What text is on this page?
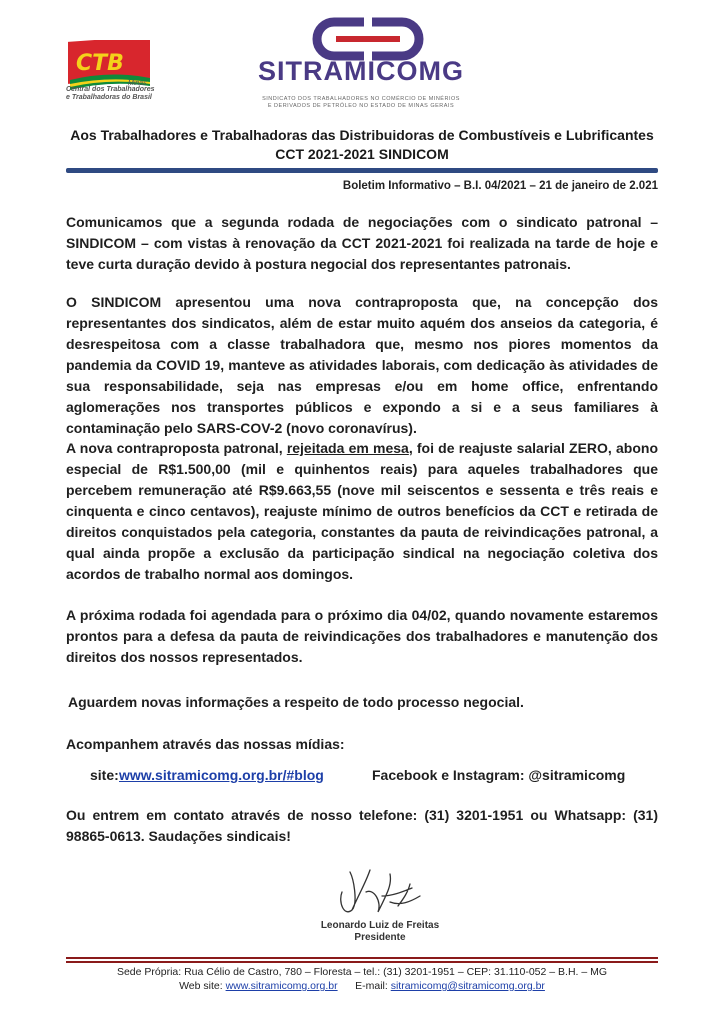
CTB
Minas
Central dos Trabalhadores
e Trabalhadoras do Brasil
SITRAMICOMG
SINDICATO DOS TRABALHADORES NO COMÉRCIO DE MINÉRIOS
E DERIVADOS DE PETRÓLEO NO ESTADO DE MINAS GERAIS
Aos Trabalhadores e Trabalhadoras das Distribuidoras de Combustíveis e Lubrificantes
CCT 2021-2021 SINDICOM
Boletim Informativo – B.I. 04/2021 – 21 de janeiro de 2.021
Comunicamos que a segunda rodada de negociações com o sindicato patronal – SINDICOM – com vistas à renovação da CCT 2021-2021 foi realizada na tarde de hoje e teve curta duração devido à postura negocial dos representantes patronais.
O SINDICOM apresentou uma nova contraproposta que, na concepção dos representantes dos sindicatos, além de estar muito aquém dos anseios da categoria, é desrespeitosa com a classe trabalhadora que, mesmo nos piores momentos da pandemia da COVID 19, manteve as atividades laborais, com dedicação às atividades de sua responsabilidade, seja nas empresas e/ou em home office, enfrentando aglomerações nos transportes públicos e expondo a si e a seus familiares à contaminação pelo SARS-COV-2 (novo coronavírus).
A nova contraproposta patronal, rejeitada em mesa, foi de reajuste salarial ZERO, abono especial de R$1.500,00 (mil e quinhentos reais) para aqueles trabalhadores que percebem remuneração até R$9.663,55 (nove mil seiscentos e sessenta e três reais e cinquenta e cinco centavos), reajuste mínimo de outros benefícios da CCT e retirada de direitos conquistados pela categoria, constantes da pauta de reivindicações patronal, a qual ainda propõe a exclusão da participação sindical na negociação coletiva dos acordos de trabalho normal aos domingos.
A próxima rodada foi agendada para o próximo dia 04/02, quando novamente estaremos prontos para a defesa da pauta de reivindicações dos trabalhadores e manutenção dos direitos dos nossos representados.
Aguardem novas informações a respeito de todo processo negocial.
Acompanhem através das nossas mídias:
site: www.sitramicomg.org.br/#blog	Facebook e Instagram: @sitramicomg
Ou entrem em contato através de nosso telefone: (31) 3201-1951 ou Whatsapp: (31) 98865-0613. Saudações sindicais!
Leonardo Luiz de Freitas
Presidente
Sede Própria: Rua Célio de Castro, 780 – Floresta – tel.: (31) 3201-1951 – CEP: 31.110-052 – B.H. – MG
Web site: www.sitramicomg.org.br E-mail: sitramicomg@sitramicomg.org.br
